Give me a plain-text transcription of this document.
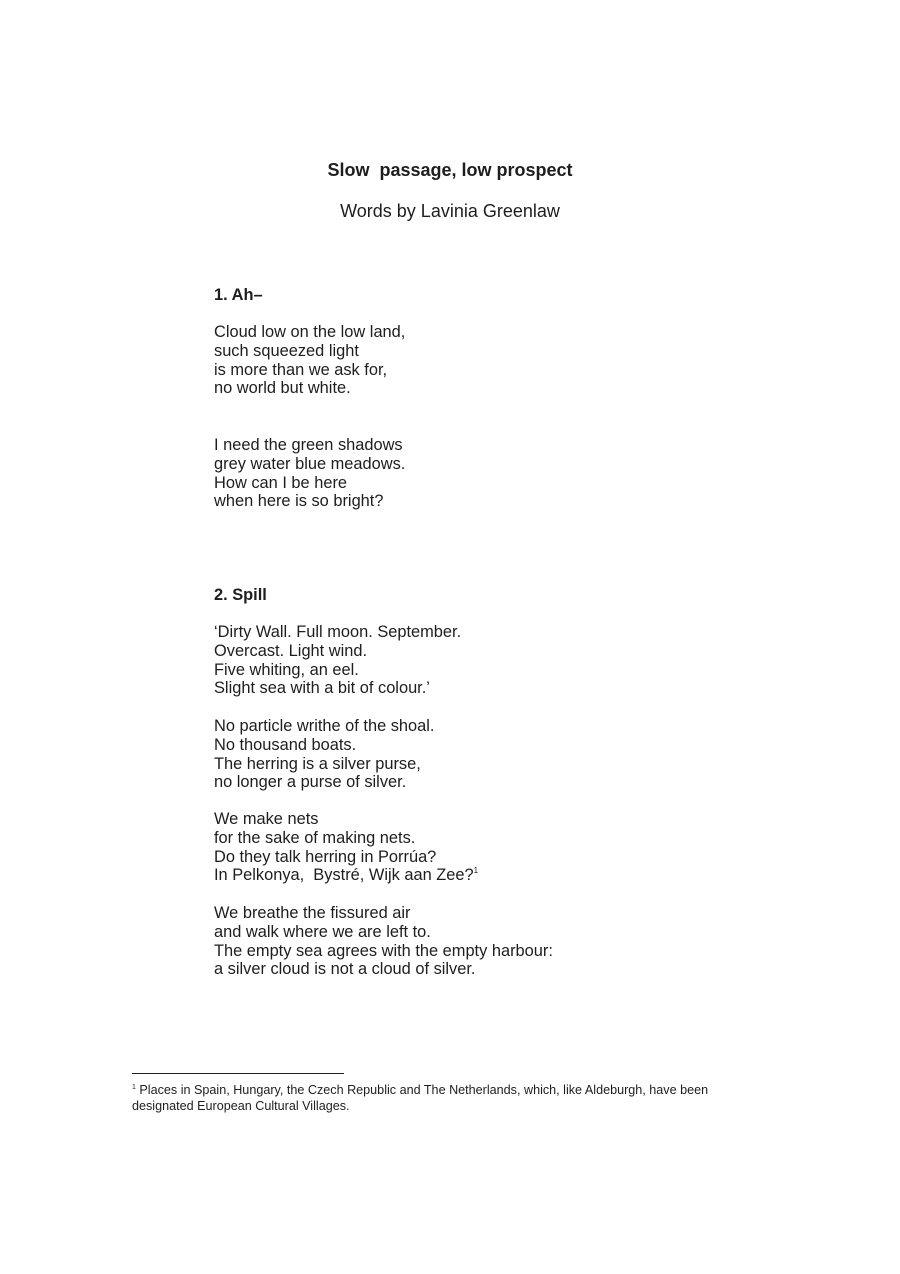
Slow  passage, low prospect
Words by Lavinia Greenlaw
1. Ah–
Cloud low on the low land,
such squeezed light
is more than we ask for,
no world but white.
I need the green shadows
grey water blue meadows.
How can I be here
when here is so bright?
2. Spill
‘Dirty Wall. Full moon. September.
Overcast. Light wind.
Five whiting, an eel.
Slight sea with a bit of colour.’
No particle writhe of the shoal.
No thousand boats.
The herring is a silver purse,
no longer a purse of silver.
We make nets
for the sake of making nets.
Do they talk herring in Porrúa?
In Pelkonya,  Bystré, Wijk aan Zee?$^1$
We breathe the fissured air
and walk where we are left to.
The empty sea agrees with the empty harbour:
a silver cloud is not a cloud of silver.
$^1$ Places in Spain, Hungary, the Czech Republic and The Netherlands, which, like Aldeburgh, have been designated European Cultural Villages.
